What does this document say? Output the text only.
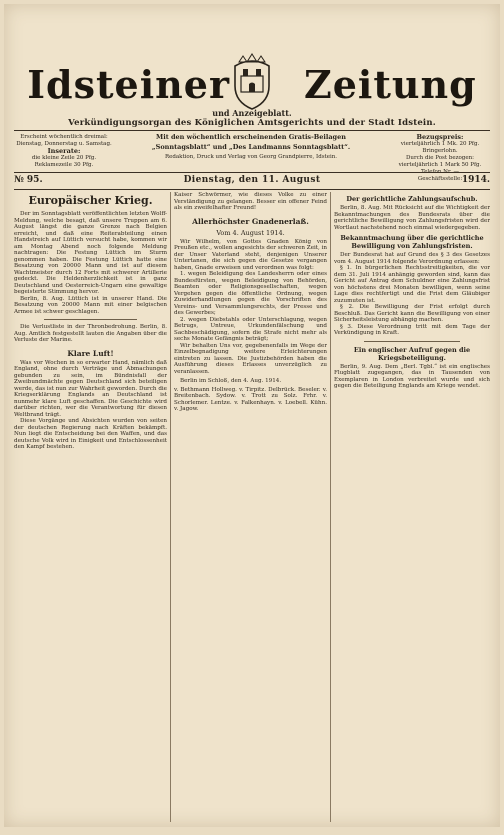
Idsteiner Zeitung
und Anzeigeblatt.
Verkündigungsorgan des Königlichen Amtsgerichts und der Stadt Idstein.
Erscheint wöchentlich dreimal:
Dienstag, Donnerstag u. Samstag.
Inserate:
die kleine Zeile 20 Pfg.
Reklamezeile 30 Pfg.
Mit den wöchentlich erscheinenden Gratis-Beilagen
„Sonntagsblatt“ und „Des Landmanns Sonntagsblatt“.
Redaktion, Druck und Verlag von Georg Grandpierre, Idstein.
Bezugspreis:
vierteljährlich 1 Mk. 20 Pfg. Bringerlohn.
Durch die Post bezogen:
vierteljährlich 1 Mark 50 Pfg.
Telefon Nr. —
Geschäftsstelle:
№ 95.	Dienstag, den 11. August	1914.
Europäischer Krieg.

Der im Sonntagsblatt veröffentlichten letzten Wolff-Meldung, welche besagt, daß unsere Truppen am 6. August längst die ganze Grenze nach Belgien erreicht, und daß eine Reiterabteilung einen Handstreich auf Lüttich versucht habe, kommen wir am Montag Abend noch folgende Meldung nachtragen: Die Festung Lüttich im Sturm genommen haben. Die Festung Lüttich hatte eine Besatzung von 20000 Mann und ist auf diesem Wachtmeister durch 12 Forts mit schwerer Artillerie gedeckt. Die Heldenherzlichkeit ist in ganz Deutschland und Oesterreich-Ungarn eine gewaltige begeisterte Stimmung hervor.

Berlin, 8. Aug. Lüttich ist in unserer Hand. Die Besatzung von 20000 Mann mit einer belgischen Armee ist schwer geschlagen.

Die Verlustliste in der Thronbedrohung. Berlin, 8. Aug. Amtlich festgestellt lauten die Angaben über die Verluste der Marine.

Klare Luft!

Was vor Wochen in so erwarter Hand, nämlich daß England, ohne durch Verträge und Abmachungen gebunden zu sein, im Bündnisfall der Zweibundmächte gegen Deutschland sich beteiligen werde, das ist nun zur Wahrheit geworden. Durch die Kriegserklärung Englands an Deutschland ist nunmehr klare Luft geschaffen. Die Geschichte wird darüber richten, wer die Verantwortung für diesen Weltbrand trägt.

Diese Vorgänge und Absichten wurden von seiten der deutschen Regierung nach Kräften bekämpft. Nun liegt die Entscheidung bei den Waffen, und das deutsche Volk wird in Einigkeit und Entschlossenheit den Kampf bestehen.

Kaiser Schwörmer, wie dieses Volke zu einer Verständigung zu gelangen. Besser ein offener Feind als ein zweifelhafter Freund!

Allerhöchster Gnadenerlaß.
Vom 4. August 1914.

Wir Wilhelm, von Gottes Gnaden König von Preußen etc., wollen angesichts der schweren Zeit, in der Unser Vaterland steht, denjenigen Unserer Untertanen, die sich gegen die Gesetze vergangen haben, Gnade erweisen und verordnen was folgt:

1. wegen Beleidigung des Landesherrn oder eines Bundesfürsten, wegen Beleidigung von Behörden, Beamten oder Religionsgesellschaften, wegen Vergehen gegen die öffentliche Ordnung, wegen Zuwiderhandlungen gegen die Vorschriften des Vereins- und Versammlungsrechts, der Presse und des Gewerbes;

2. wegen Diebstahls oder Unterschlagung, wegen Betrugs, Untreue, Urkundenfälschung und Sachbeschädigung, sofern die Strafe nicht mehr als sechs Monate Gefängnis beträgt;

Wir behalten Uns vor, gegebenenfalls im Wege der Einzelbegnadigung weitere Erleichterungen eintreten zu lassen. Die Justizbehörden haben die Ausführung dieses Erlasses unverzüglich zu veranlassen.

Berlin im Schloß, den 4. Aug. 1914.

v. Bethmann Hollweg. v. Tirpitz. Delbrück. Beseler. v. Breitenbach. Sydow. v. Trott zu Solz. Frhr. v. Schorlemer. Lentze. v. Falkenhayn. v. Loebell. Kühn. v. Jagow.
Der gerichtliche Zahlungsaufschub.

Berlin, 8. Aug. Mit Rücksicht auf die Wichtigkeit der Bekanntmachungen des Bundesrats über die gerichtliche Bewilligung von Zahlungsfristen wird der Wortlaut nachstehend noch einmal wiedergegeben.

Bekanntmachung über die gerichtliche Bewilligung von Zahlungsfristen.

Der Bundesrat hat auf Grund des § 3 des Gesetzes vom 4. August 1914 folgende Verordnung erlassen:

§ 1. In bürgerlichen Rechtsstreitigkeiten, die vor dem 31. Juli 1914 anhängig geworden sind, kann das Gericht auf Antrag dem Schuldner eine Zahlungsfrist von höchstens drei Monaten bewilligen, wenn seine Lage dies rechtfertigt und die Frist dem Gläubiger zuzumuten ist.

§ 2. Die Bewilligung der Frist erfolgt durch Beschluß. Das Gericht kann die Bewilligung von einer Sicherheitsleistung abhängig machen.

§ 3. Diese Verordnung tritt mit dem Tage der Verkündigung in Kraft.

Ein englischer Aufruf gegen die Kriegsbeteiligung.

Berlin, 9. Aug. Dem „Berl. Tgbl.“ ist ein englisches Flugblatt zugegangen, das in Tausenden von Exemplaren in London verbreitet wurde und sich gegen die Beteiligung Englands am Kriege wendet.
